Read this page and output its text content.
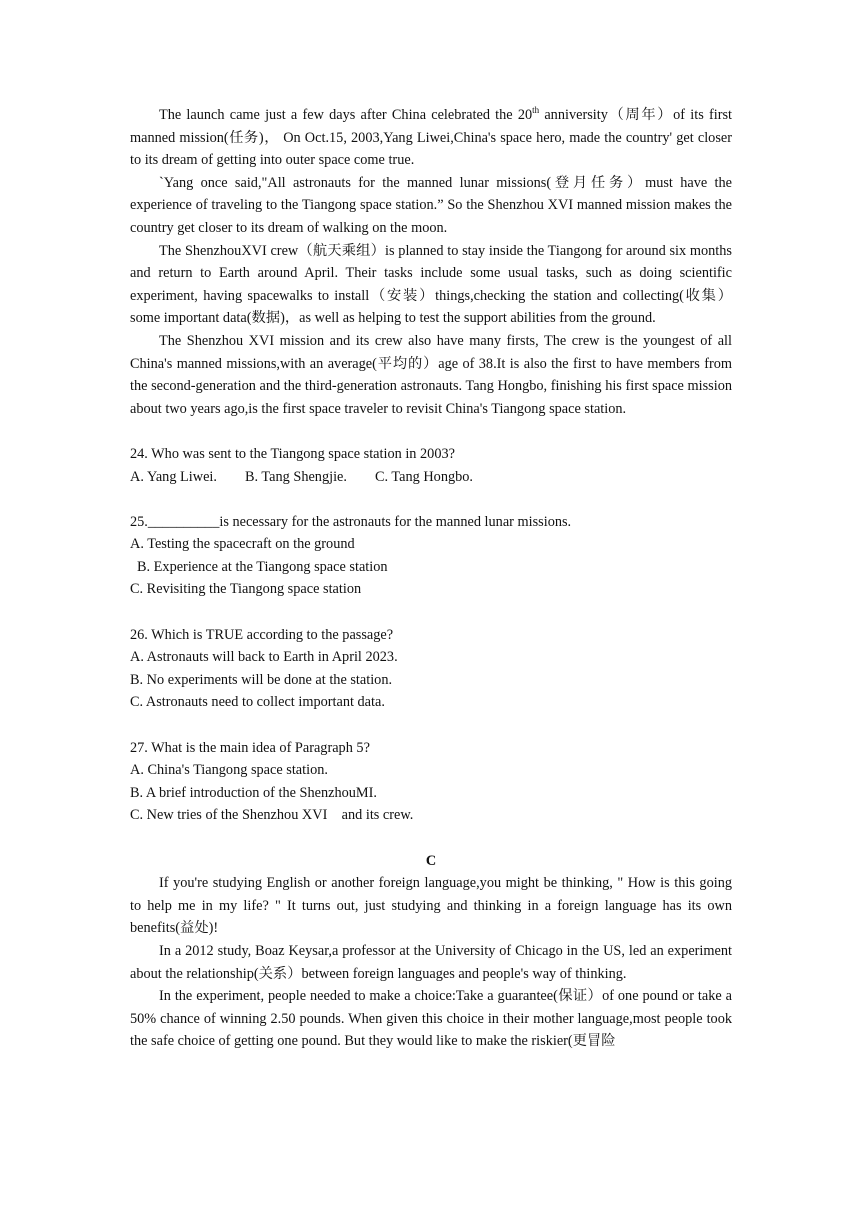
The launch came just a few days after China celebrated the 20th anniversity（周年）of its first manned mission(任务)， On Oct.15, 2003,Yang Liwei,China's space hero, made the country' get closer to its dream of getting into outer space come true.

`Yang once said,"All astronauts for the manned lunar missions(登月任务）must have the experience of traveling to the Tiangong space station.” So the Shenzhou XVI manned mission makes the country get closer to its dream of walking on the moon.

The ShenzhouXVI crew（航天乘组）is planned to stay inside the Tiangong for around six months and return to Earth around April. Their tasks include some usual tasks, such as doing scientific experiment, having spacewalks to install（安装）things,checking the station and collecting(收集）some important data(数据)，as well as helping to test the support abilities from the ground.

The Shenzhou XVI mission and its crew also have many firsts, The crew is the youngest of all China's manned missions,with an average(平均的）age of 38.It is also the first to have members from the second-generation and the third-generation astronauts. Tang Hongbo, finishing his first space mission about two years ago,is the first space traveler to revisit China's Tiangong space station.

24. Who was sent to the Tiangong space station in 2003?

A. Yang Liwei. B. Tang Shengjie. C. Tang Hongbo.

25.__________is necessary for the astronauts for the manned lunar missions.

A. Testing the spacecraft on the ground

B. Experience at the Tiangong space station

C. Revisiting the Tiangong space station

26. Which is TRUE according to the passage?

A. Astronauts will back to Earth in April 2023.

B. No experiments will be done at the station.

C. Astronauts need to collect important data.

27. What is the main idea of Paragraph 5?

A. China's Tiangong space station.

B. A brief introduction of the ShenzhouMI.

C. New tries of the Shenzhou XVI    and its crew.

C

If you're studying English or another foreign language,you might be thinking, " How is this going to help me in my life? " It turns out, just studying and thinking in a foreign language has its own benefits(益处)!

In a 2012 study, Boaz Keysar,a professor at the University of Chicago in the US, led an experiment about the relationship(关系）between foreign languages and people's way of thinking.

In the experiment, people needed to make a choice:Take a guarantee(保证）of one pound or take a 50% chance of winning 2.50 pounds. When given this choice in their mother language,most people took the safe choice of getting one pound. But they would like to make the riskier(更冒险
